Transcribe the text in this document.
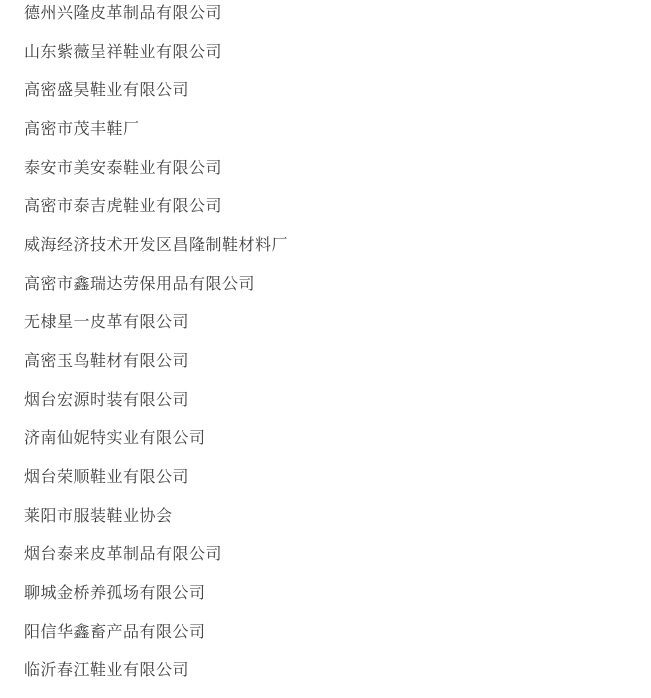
德州兴隆皮革制品有限公司
山东紫薇呈祥鞋业有限公司
高密盛昊鞋业有限公司
高密市茂丰鞋厂
泰安市美安泰鞋业有限公司
高密市泰吉虎鞋业有限公司
威海经济技术开发区昌隆制鞋材料厂
高密市鑫瑞达劳保用品有限公司
无棣星一皮革有限公司
高密玉鸟鞋材有限公司
烟台宏源时装有限公司
济南仙妮特实业有限公司
烟台荣顺鞋业有限公司
莱阳市服装鞋业协会
烟台泰来皮革制品有限公司
聊城金桥养孤场有限公司
阳信华鑫畜产品有限公司
临沂春江鞋业有限公司
